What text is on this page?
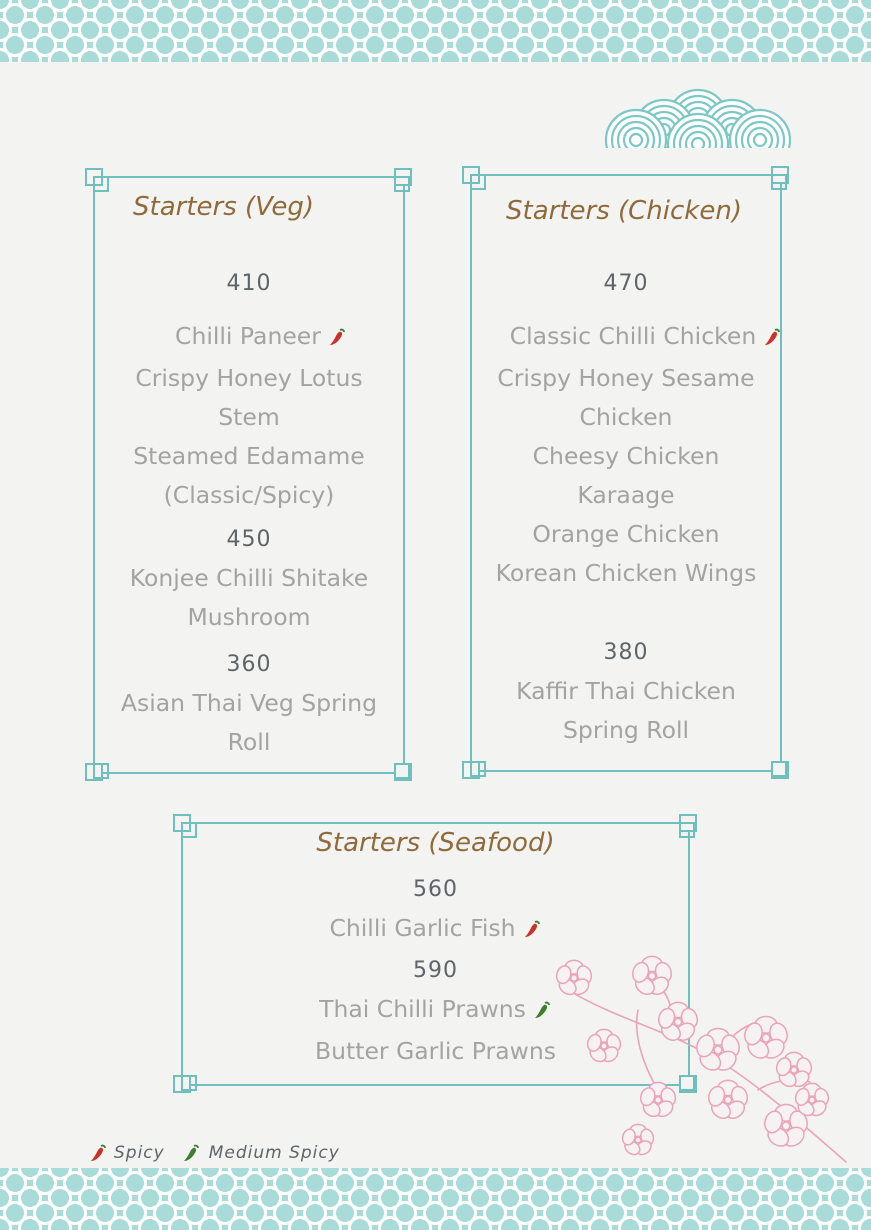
Starters (Veg)
410
Chilli Paneer
Crispy Honey Lotus Stem
Steamed Edamame (Classic/Spicy)
450
Konjee Chilli Shitake Mushroom
360
Asian Thai Veg Spring Roll
Starters (Chicken)
470
Classic Chilli Chicken
Crispy Honey Sesame Chicken
Cheesy Chicken Karaage
Orange Chicken
Korean Chicken Wings
380
Kaffir Thai Chicken Spring Roll
Starters (Seafood)
560
Chilli Garlic Fish
590
Thai Chilli Prawns
Butter Garlic Prawns
Spicy	Medium Spicy
